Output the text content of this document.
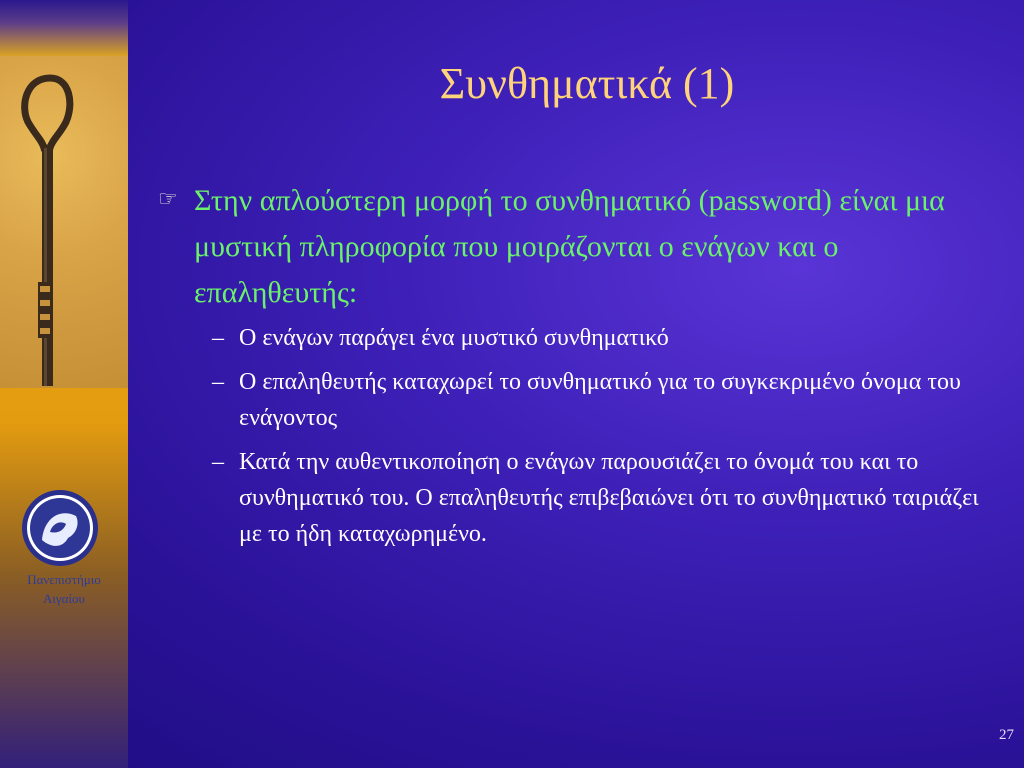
Πανεπιστήμιο
Αιγαίου
Συνθηματικά (1)
☞ Στην απλούστερη μορφή το συνθηματικό (password) είναι μια μυστική πληροφορία που μοιράζονται ο ενάγων και ο επαληθευτής:
– Ο ενάγων παράγει ένα μυστικό συνθηματικό
– Ο επαληθευτής καταχωρεί το συνθηματικό για το συγκεκριμένο όνομα του ενάγοντος
– Κατά την αυθεντικοποίηση ο ενάγων παρουσιάζει το όνομά του και το συνθηματικό του. Ο επαληθευτής επιβεβαιώνει ότι το συνθηματικό ταιριάζει με το ήδη καταχωρημένο.
27
